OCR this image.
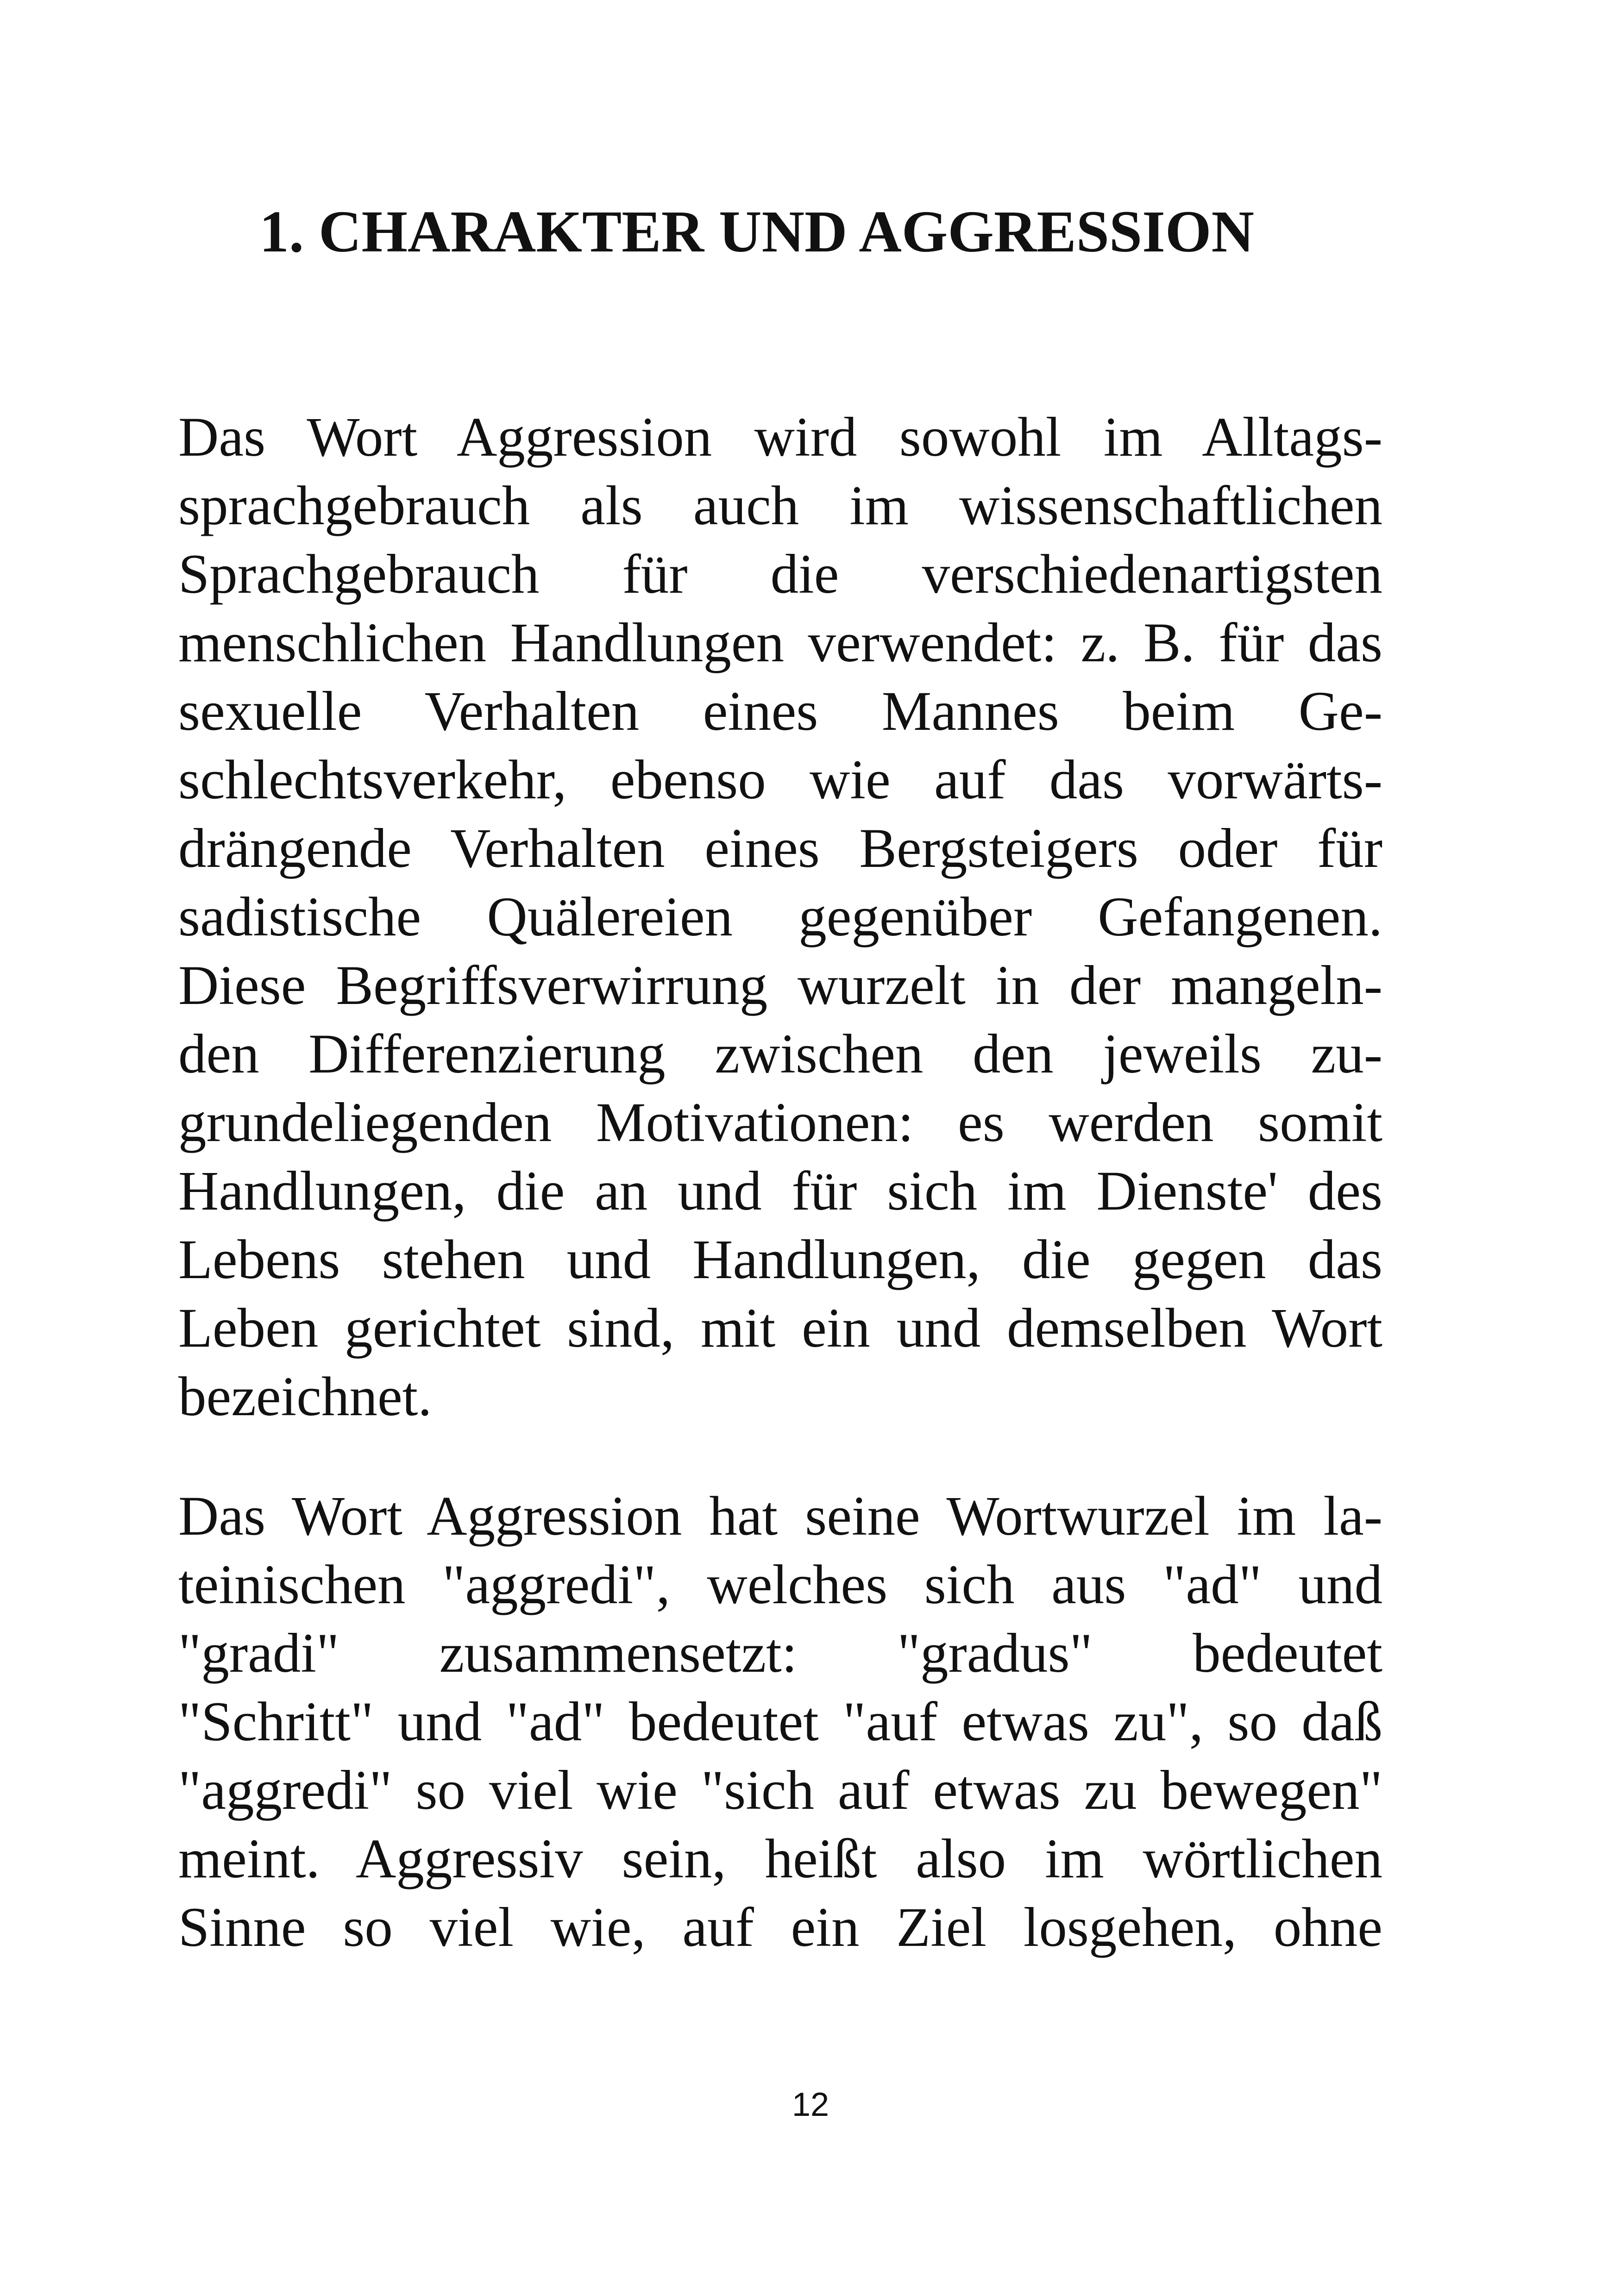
1. CHARAKTER UND AGGRESSION

Das Wort Aggression wird sowohl im Alltags-
sprachgebrauch als auch im wissenschaftlichen
Sprachgebrauch für die verschiedenartigsten
menschlichen Handlungen verwendet: z. B. für das
sexuelle Verhalten eines Mannes beim Ge-
schlechtsverkehr, ebenso wie auf das vorwärts-
drängende Verhalten eines Bergsteigers oder für
sadistische Quälereien gegenüber Gefangenen.
Diese Begriffsverwirrung wurzelt in der mangeln-
den Differenzierung zwischen den jeweils zu-
grundeliegenden Motivationen: es werden somit
Handlungen, die an und für sich im Dienste' des
Lebens stehen und Handlungen, die gegen das
Leben gerichtet sind, mit ein und demselben Wort
bezeichnet.

Das Wort Aggression hat seine Wortwurzel im la-
teinischen "aggredi", welches sich aus "ad" und
"gradi" zusammensetzt: "gradus" bedeutet
"Schritt" und "ad" bedeutet "auf etwas zu", so daß
"aggredi" so viel wie "sich auf etwas zu bewegen"
meint. Aggressiv sein, heißt also im wörtlichen
Sinne so viel wie, auf ein Ziel losgehen, ohne

12
